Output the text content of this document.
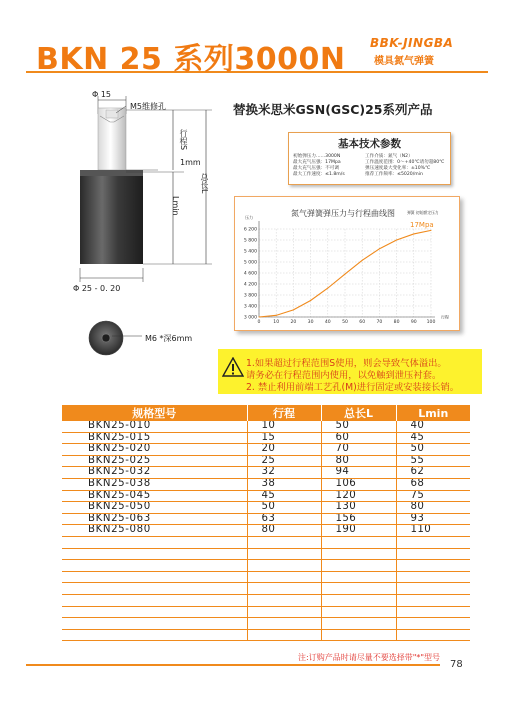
BKN 25 系列3000N BBK-JINGBA
模具氮气弹簧
Φ 15
M5维修孔
行程S
1mm
Lmin
总长L
Φ 25 - 0. 20
M6 *深6mm
替换米思米GSN(GSC)25系列产品
基本技术参数
初始弹压力……3000N
最大充气压强：17Mpa
最大充气压强：不可调
最大工作速度：≤1.8m/s
工作介质：氮气（N2）
工作温度范围：0～+40℃请勿超80℃
弹压速度最大变化率：±10%℃
推荐工作频率：≤5020/min
3 000
3 400
3 800
4 200
4 600
5 000
5 400
5 800
6 200
0	10 20 30 40 50 60 70 80 90 100
行程
压力	氮气弹簧弹压力与行程曲线图	弹簧 初始额定压力
17Mpa
1.如果超过行程范围S使用，则会导致气体溢出。
请务必在行程范围内使用，以免触到泄压衬套。
2. 禁止利用前端工艺孔(M)进行固定或安装接长销。
规格型号	行程	总长L	Lmin
BKN25-010	10	50	40
BKN25-015	15	60	45
BKN25-020	20	70	50
BKN25-025	25	80	55
BKN25-032	32	94	62
BKN25-038	38	106	68
BKN25-045	45	120	75
BKN25-050	50	130	80
BKN25-063	63	156	93
BKN25-080	80	190	110

注:订购产品时请尽量不要选择带"*"型号
78
